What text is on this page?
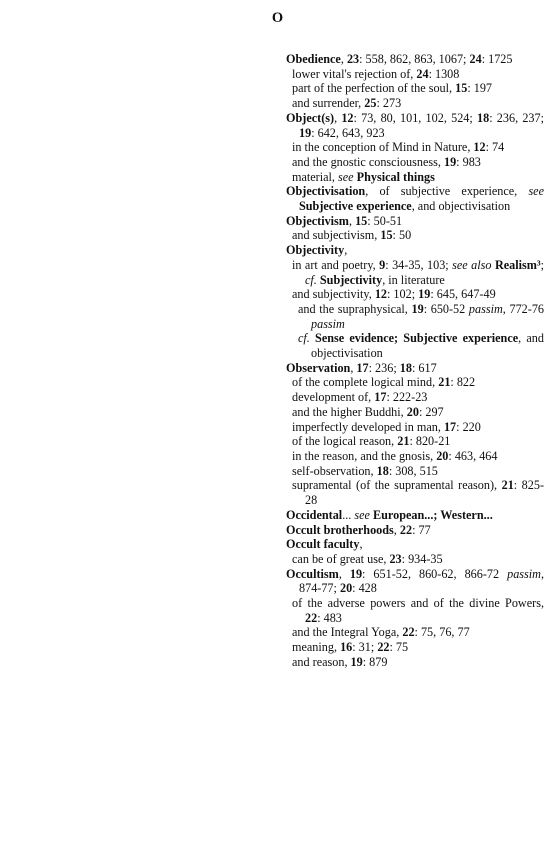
O
Obedience, 23: 558, 862, 863, 1067; 24: 1725
lower vital's rejection of, 24: 1308
part of the perfection of the soul, 15: 197
and surrender, 25: 273
Object(s), 12: 73, 80, 101, 102, 524; 18: 236, 237; 19: 642, 643, 923
in the conception of Mind in Nature, 12: 74
and the gnostic consciousness, 19: 983
material, see Physical things
Objectivisation, of subjective experience, see Subjective experience, and objectivisation
Objectivism, 15: 50-51
and subjectivism, 15: 50
Objectivity,
in art and poetry, 9: 34-35, 103; see also Realism³; cf. Subjectivity, in literature
and subjectivity, 12: 102; 19: 645, 647-49
and the supraphysical, 19: 650-52 passim, 772-76 passim
cf. Sense evidence; Subjective experience, and objectivisation
Observation, 17: 236; 18: 617
of the complete logical mind, 21: 822
development of, 17: 222-23
and the higher Buddhi, 20: 297
imperfectly developed in man, 17: 220
of the logical reason, 21: 820-21
in the reason, and the gnosis, 20: 463, 464
self-observation, 18: 308, 515
supramental (of the supramental reason), 21: 825-28
Occidental... see European...; Western...
Occult brotherhoods, 22: 77
Occult faculty,
can be of great use, 23: 934-35
Occultism, 19: 651-52, 860-62, 866-72 passim, 874-77; 20: 428
of the adverse powers and of the divine Powers, 22: 483
and the Integral Yoga, 22: 75, 76, 77
meaning, 16: 31; 22: 75
and reason, 19: 879
